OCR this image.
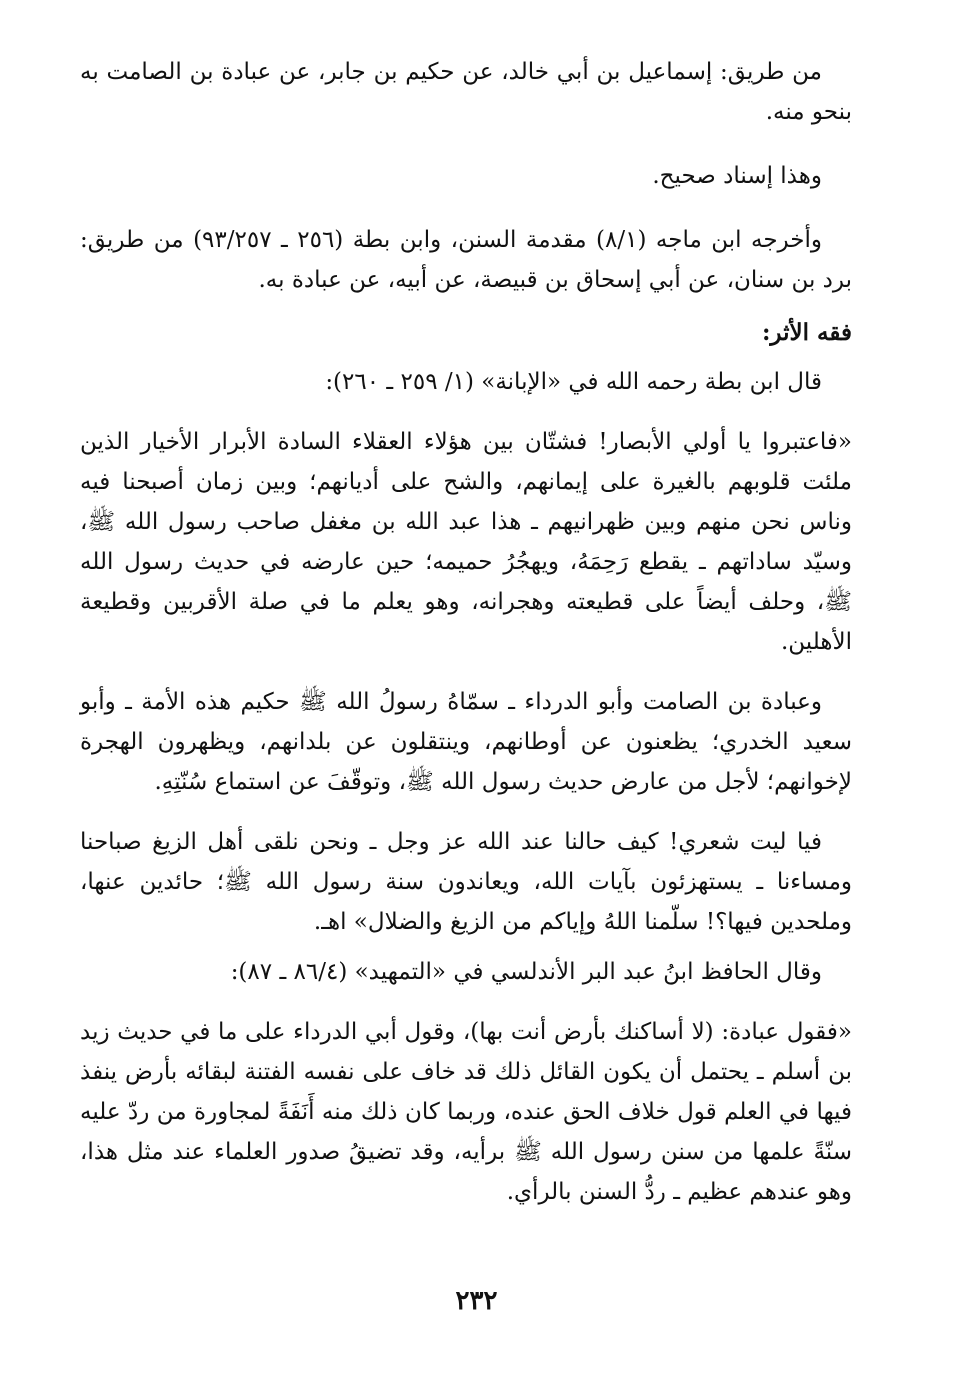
من طريق: إسماعيل بن أبي خالد، عن حكيم بن جابر، عن عبادة بن الصامت به بنحو منه.

وهذا إسناد صحيح.

وأخرجه ابن ماجه (٨/١) مقدمة السنن، وابن بطة (٢٥٦ ـ ٩٣/٢٥٧) من طريق: برد بن سنان، عن أبي إسحاق بن قبيصة، عن أبيه، عن عبادة به.

فقه الأثر:

قال ابن بطة رحمه الله في «الإبانة» (١/ ٢٥٩ ـ ٢٦٠):

«فاعتبروا يا أولي الأبصار! فشتّان بين هؤلاء العقلاء السادة الأبرار الأخيار الذين ملئت قلوبهم بالغيرة على إيمانهم، والشح على أديانهم؛ وبين زمان أصبحنا فيه وناس نحن منهم وبين ظهرانيهم ـ هذا عبد الله بن مغفل صاحب رسول الله ﷺ، وسيّد ساداتهم ـ يقطع رَحِمَهُ، ويهجُرُ حميمه؛ حين عارضه في حديث رسول الله ﷺ، وحلف أيضاً على قطيعته وهجرانه، وهو يعلم ما في صلة الأقربين وقطيعة الأهلين.

وعبادة بن الصامت وأبو الدرداء ـ سمّاهُ رسولُ الله ﷺ حكيم هذه الأمة ـ وأبو سعيد الخدري؛ يظعنون عن أوطانهم، وينتقلون عن بلدانهم، ويظهرون الهجرة لإخوانهم؛ لأجل من عارض حديث رسول الله ﷺ، وتوقّفَ عن استماع سُنّتِهِ.

فيا ليت شعري! كيف حالنا عند الله عز وجل ـ ونحن نلقى أهل الزيغ صباحنا ومساءنا ـ يستهزئون بآيات الله، ويعاندون سنة رسول الله ﷺ؛ حائدين عنها، وملحدين فيها؟! سلّمنا اللهُ وإياكم من الزيغ والضلال» اهـ.

وقال الحافظ ابنُ عبد البر الأندلسي في «التمهيد» (٨٦/٤ ـ ٨٧):

«فقول عبادة: (لا أساكنك بأرض أنت بها)، وقول أبي الدرداء على ما في حديث زيد بن أسلم ـ يحتمل أن يكون القائل ذلك قد خاف على نفسه الفتنة لبقائه بأرض ينفذ فيها في العلم قول خلاف الحق عنده، وربما كان ذلك منه أَنَفَةً لمجاورة من ردّ عليه سنّةً علمها من سنن رسول الله ﷺ برأيه، وقد تضيقُ صدور العلماء عند مثل هذا، وهو عندهم عظيم ـ ردُّ السنن بالرأي.

٢٣٢
